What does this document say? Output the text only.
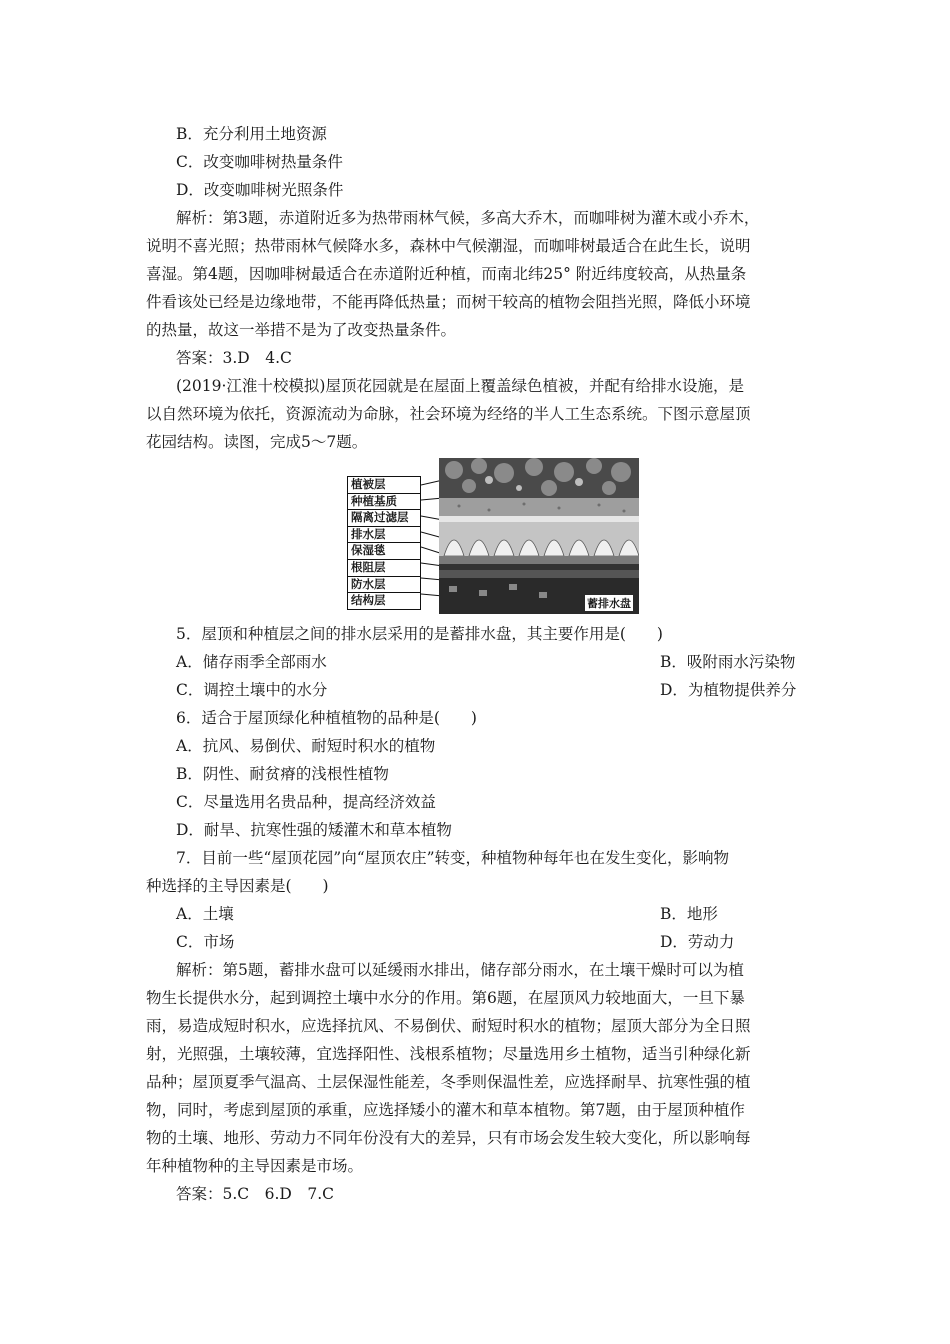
B．充分利用土地资源
C．改变咖啡树热量条件
D．改变咖啡树光照条件
解析：第3题，赤道附近多为热带雨林气候，多高大乔木，而咖啡树为灌木或小乔木，
说明不喜光照；热带雨林气候降水多，森林中气候潮湿，而咖啡树最适合在此生长，说明
喜湿。第4题，因咖啡树最适合在赤道附近种植，而南北纬25° 附近纬度较高，从热量条
件看该处已经是边缘地带，不能再降低热量；而树干较高的植物会阻挡光照，降低小环境
的热量，故这一举措不是为了改变热量条件。
答案：3.D　4.C
(2019·江淮十校模拟)屋顶花园就是在屋面上覆盖绿色植被，并配有给排水设施，是
以自然环境为依托，资源流动为命脉，社会环境为经络的半人工生态系统。下图示意屋顶
花园结构。读图，完成5～7题。
植被层
种植基质
隔离过滤层
排水层
保湿毯
根阻层
防水层
结构层	蓄排水盘
5．屋顶和种植层之间的排水层采用的是蓄排水盘，其主要作用是(　　)
A．储存雨季全部雨水	B．吸附雨水污染物
C．调控土壤中的水分	D．为植物提供养分
6．适合于屋顶绿化种植植物的品种是(　　)
A．抗风、易倒伏、耐短时积水的植物
B．阴性、耐贫瘠的浅根性植物
C．尽量选用名贵品种，提高经济效益
D．耐旱、抗寒性强的矮灌木和草本植物
7．目前一些“屋顶花园”向“屋顶农庄”转变，种植物种每年也在发生变化，影响物
种选择的主导因素是(　　)
A．土壤	B．地形
C．市场	D．劳动力
解析：第5题，蓄排水盘可以延缓雨水排出，储存部分雨水，在土壤干燥时可以为植
物生长提供水分，起到调控土壤中水分的作用。第6题，在屋顶风力较地面大，一旦下暴
雨，易造成短时积水，应选择抗风、不易倒伏、耐短时积水的植物；屋顶大部分为全日照
射，光照强，土壤较薄，宜选择阳性、浅根系植物；尽量选用乡土植物，适当引种绿化新
品种；屋顶夏季气温高、土层保湿性能差，冬季则保温性差，应选择耐旱、抗寒性强的植
物，同时，考虑到屋顶的承重，应选择矮小的灌木和草本植物。第7题，由于屋顶种植作
物的土壤、地形、劳动力不同年份没有大的差异，只有市场会发生较大变化，所以影响每
年种植物种的主导因素是市场。
答案：5.C　6.D　7.C
